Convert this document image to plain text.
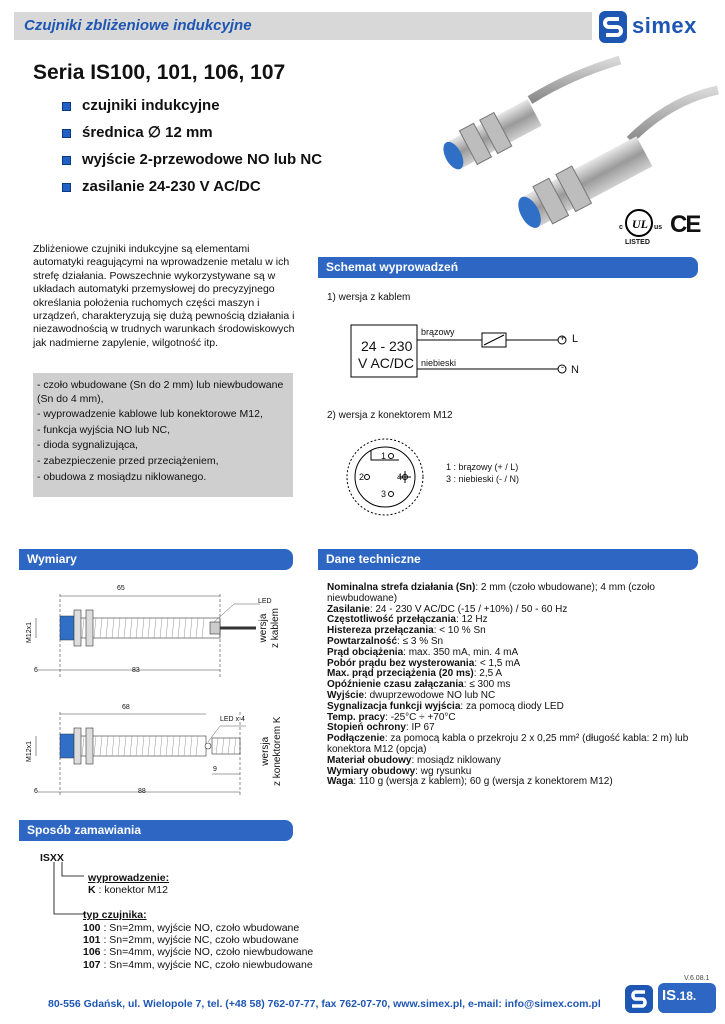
Czujniki zbliżeniowe indukcyjne	simex
Seria IS100, 101, 106, 107
czujniki indukcyjne
średnica ∅ 12 mm
wyjście 2-przewodowe NO lub NC
zasilanie 24-230 V AC/DC
UL
c	us
LISTED
CE
Zbliżeniowe czujniki indukcyjne są elementami automatyki reagującymi na wprowadzenie metalu w ich strefę działania. Powszechnie wykorzystywane są w układach automatyki przemysłowej do precyzyjnego określania położenia ruchomych części maszyn i urządzeń, charakteryzują się dużą pewnością działania i niezawodnością w trudnych warunkach środowiskowych jak nadmierne zapylenie, wilgotność itp.
- czoło wbudowane (Sn do 2 mm) lub niewbudowane (Sn do 4 mm),
- wyprowadzenie kablowe lub konektorowe M12,
- funkcja wyjścia NO lub NC,
- dioda sygnalizująca,
- zabezpieczenie przed przeciążeniem,
- obudowa z mosiądzu niklowanego.
Schemat wyprowadzeń
1) wersja z kablem
24 - 230
V AC/DC
brązowy
niebieski
+
-
L
N
2) wersja z konektorem M12
1
2
3
4
1 : brązowy (+ / L)
3 : niebieski (- / N)
Wymiary
65
83
6
M12x1
LED
wersja
z kablem
68
88
6
9
M12x1
LED x 4
wersja
z konektorem K
Dane techniczne
Nominalna strefa działania (Sn): 2 mm (czoło wbudowane); 4 mm (czoło niewbudowane)
Zasilanie: 24 - 230 V AC/DC (-15 / +10%) / 50 - 60 Hz
Częstotliwość przełączania: 12 Hz
Histereza przełączania: < 10 % Sn
Powtarzalność: ≤ 3 % Sn
Prąd obciążenia: max. 350 mA, min. 4 mA
Pobór prądu bez wysterowania: < 1,5 mA
Max. prąd przeciążenia (20 ms): 2,5 A
Opóźnienie czasu załączania: ≤ 300 ms
Wyjście: dwuprzewodowe NO lub NC
Sygnalizacja funkcji wyjścia: za pomocą diody LED
Temp. pracy: -25°C ÷ +70°C
Stopień ochrony: IP 67
Podłączenie: za pomocą kabla o przekroju 2 x 0,25 mm² (długość kabla: 2 m) lub konektora M12 (opcja)
Materiał obudowy: mosiądz niklowany
Wymiary obudowy: wg rysunku
Waga: 110 g (wersja z kablem); 60 g (wersja z konektorem M12)
Sposób zamawiania
ISXX
wyprowadzenie:
K : konektor M12
typ czujnika:
100 : Sn=2mm, wyjście NO, czoło wbudowane
101 : Sn=2mm, wyjście NC, czoło wbudowane
106 : Sn=4mm, wyjście NO, czoło niewbudowane
107 : Sn=4mm, wyjście NC, czoło niewbudowane
V.6.08.1
80-556 Gdańsk, ul. Wielopole 7, tel. (+48 58) 762-07-77, fax 762-07-70, www.simex.pl, e-mail: info@simex.com.pl	IS.18.
